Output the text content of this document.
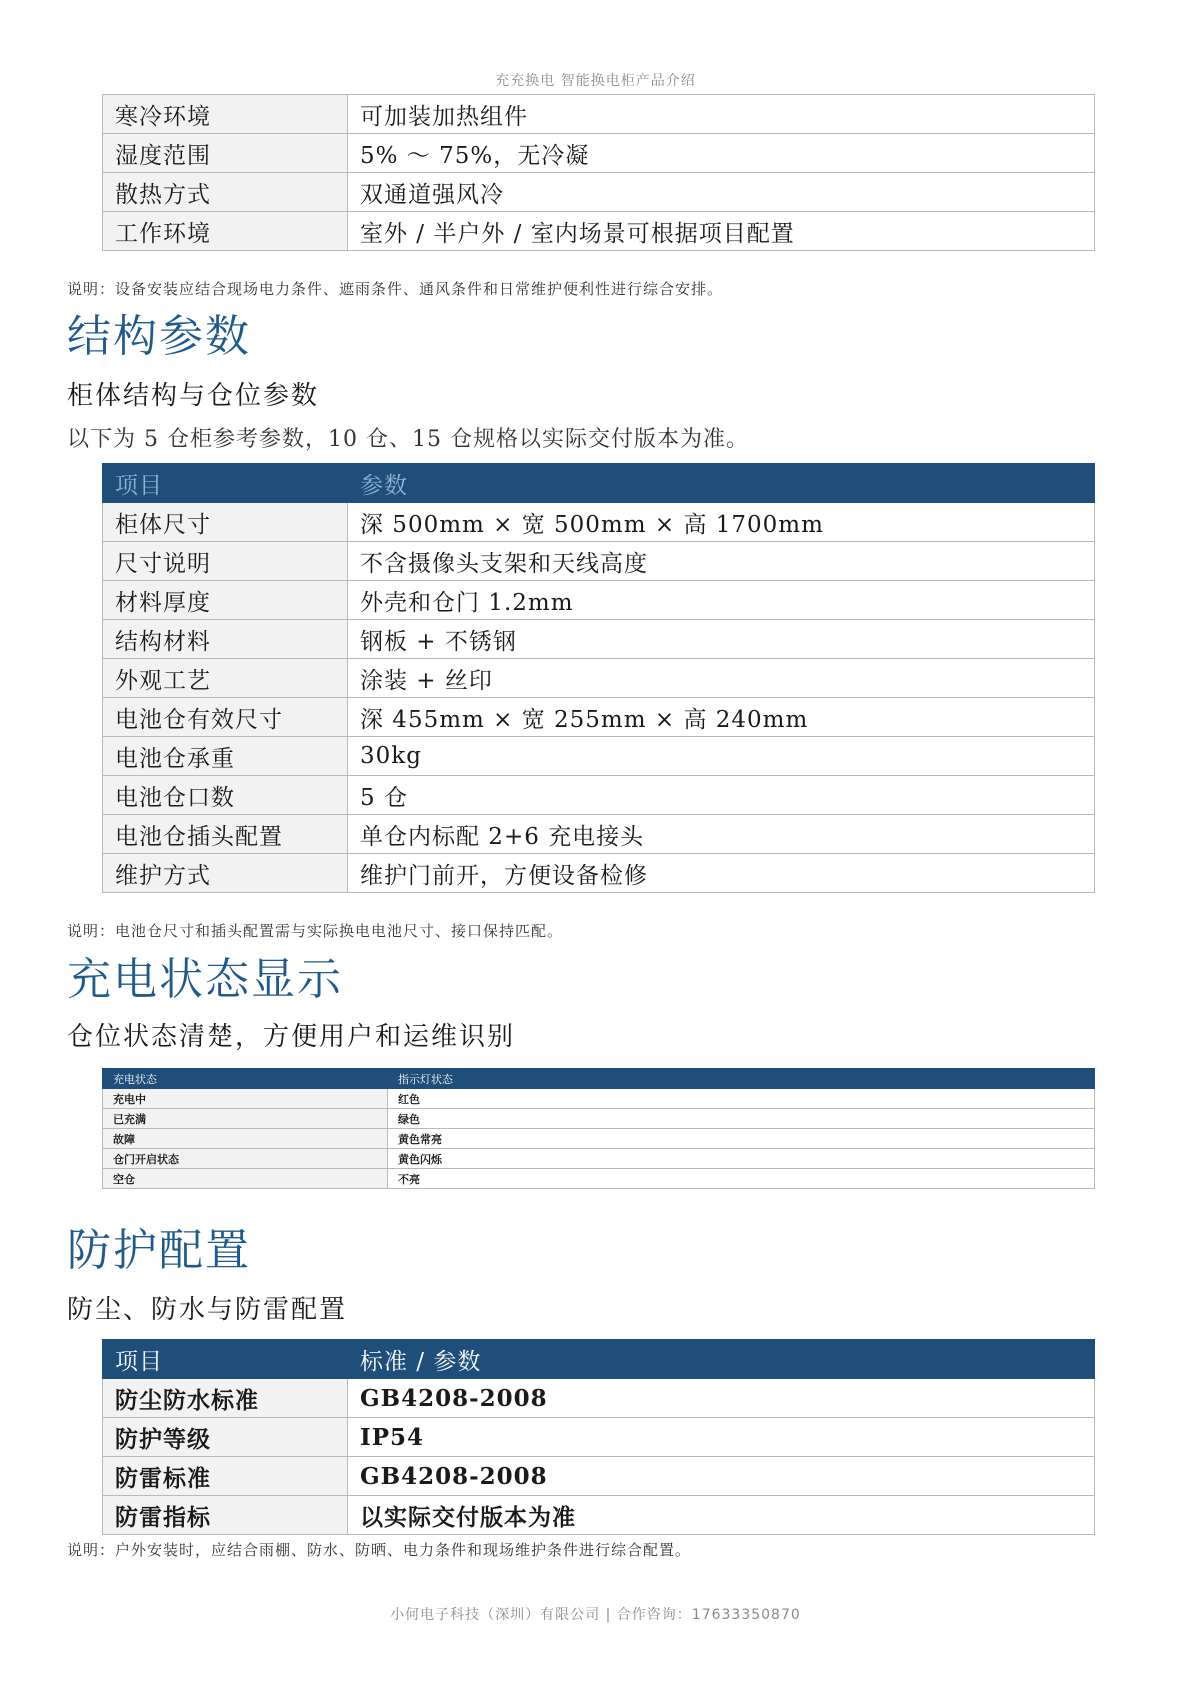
充充换电 智能换电柜产品介绍
寒冷环境	可加装加热组件
湿度范围	5% ～ 75%，无冷凝
散热方式	双通道强风冷
工作环境	室外 / 半户外 / 室内场景可根据项目配置
说明：设备安装应结合现场电力条件、遮雨条件、通风条件和日常维护便利性进行综合安排。
结构参数
柜体结构与仓位参数
以下为 5 仓柜参考参数，10 仓、15 仓规格以实际交付版本为准。
项目	参数
柜体尺寸	深 500mm × 宽 500mm × 高 1700mm
尺寸说明	不含摄像头支架和天线高度
材料厚度	外壳和仓门 1.2mm
结构材料	钢板 + 不锈钢
外观工艺	涂装 + 丝印
电池仓有效尺寸	深 455mm × 宽 255mm × 高 240mm
电池仓承重	30kg
电池仓口数	5 仓
电池仓插头配置	单仓内标配 2+6 充电接头
维护方式	维护门前开，方便设备检修
说明：电池仓尺寸和插头配置需与实际换电电池尺寸、接口保持匹配。
充电状态显示
仓位状态清楚，方便用户和运维识别
充电状态	指示灯状态
充电中	红色
已充满	绿色
故障	黄色常亮
仓门开启状态	黄色闪烁
空仓	不亮
防护配置
防尘、防水与防雷配置
项目	标准 / 参数
防尘防水标准	GB4208-2008
防护等级	IP54
防雷标准	GB4208-2008
防雷指标	以实际交付版本为准
说明：户外安装时，应结合雨棚、防水、防晒、电力条件和现场维护条件进行综合配置。
小何电子科技（深圳）有限公司 | 合作咨询：17633350870
